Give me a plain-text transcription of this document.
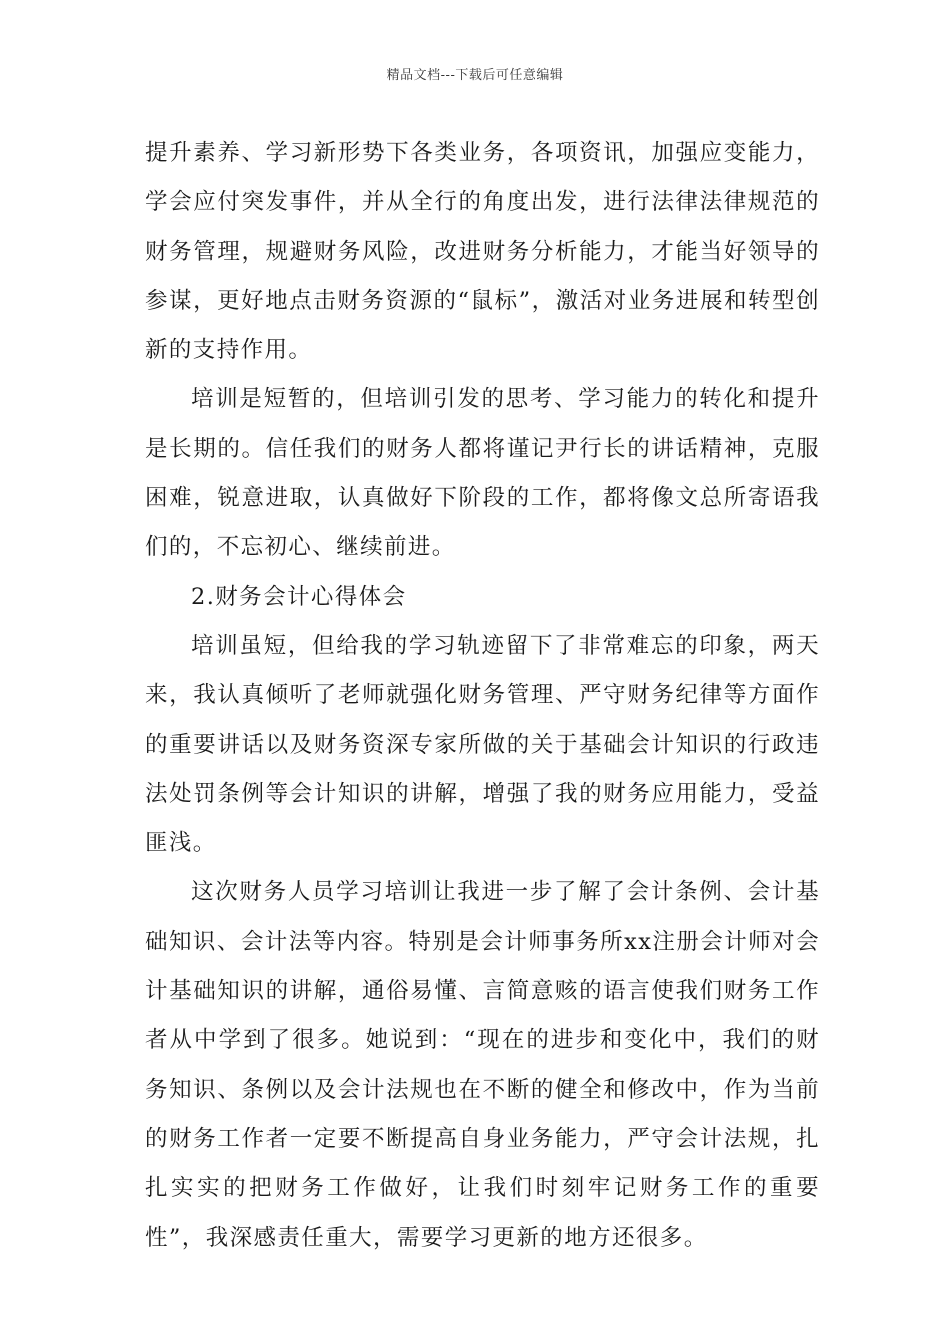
精品文档---下载后可任意编辑

提升素养、学习新形势下各类业务，各项资讯，加强应变能力，学会应付突发事件，并从全行的角度出发，进行法律法律规范的财务管理，规避财务风险，改进财务分析能力，才能当好领导的参谋，更好地点击财务资源的“鼠标”，激活对业务进展和转型创新的支持作用。

培训是短暂的，但培训引发的思考、学习能力的转化和提升是长期的。信任我们的财务人都将谨记尹行长的讲话精神，克服困难，锐意进取，认真做好下阶段的工作，都将像文总所寄语我们的，不忘初心、继续前进。

2.财务会计心得体会

培训虽短，但给我的学习轨迹留下了非常难忘的印象，两天来，我认真倾听了老师就强化财务管理、严守财务纪律等方面作的重要讲话以及财务资深专家所做的关于基础会计知识的行政违法处罚条例等会计知识的讲解，增强了我的财务应用能力，受益匪浅。

这次财务人员学习培训让我进一步了解了会计条例、会计基础知识、会计法等内容。特别是会计师事务所xx注册会计师对会计基础知识的讲解，通俗易懂、言简意赅的语言使我们财务工作者从中学到了很多。她说到：“现在的进步和变化中，我们的财务知识、条例以及会计法规也在不断的健全和修改中，作为当前的财务工作者一定要不断提高自身业务能力，严守会计法规，扎扎实实的把财务工作做好，让我们时刻牢记财务工作的重要性”，我深感责任重大，需要学习更新的地方还很多。
